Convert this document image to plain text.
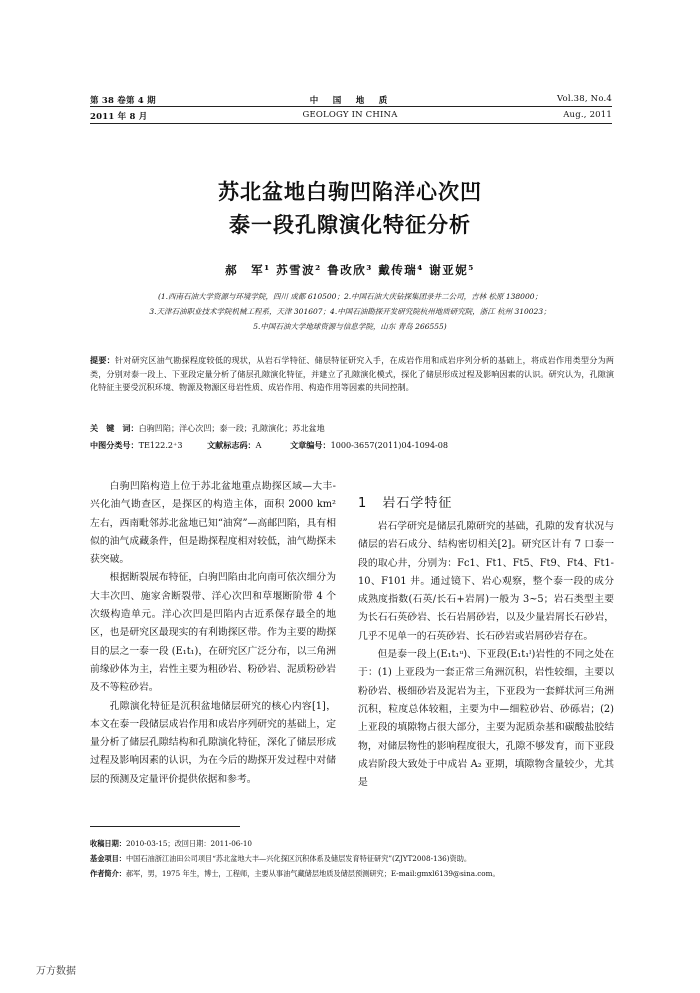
第 38 卷第 4 期
2011 年 8 月
中　国　地　质
GEOLOGY IN CHINA
Vol.38, No.4
Aug., 2011
苏北盆地白驹凹陷洋心次凹
泰一段孔隙演化特征分析
郝　军¹ 苏雪波² 鲁改欣³ 戴传瑞⁴ 谢亚妮⁵
(1.西南石油大学资源与环境学院，四川 成都 610500；2.中国石油大庆钻探集团录井二公司，吉林 松原 138000；
3.天津石油职业技术学院机械工程系，天津 301607；4.中国石油勘探开发研究院杭州地质研究院，浙江 杭州 310023；
5.中国石油大学地球资源与信息学院，山东 青岛 266555)
提要：针对研究区油气勘探程度较低的现状，从岩石学特征、储层特征研究入手，在成岩作用和成岩序列分析的基础上，将成岩作用类型分为两类，分别对泰一段上、下亚段定量分析了储层孔隙演化特征，并建立了孔隙演化模式，探化了储层形成过程及影响因素的认识。研究认为，孔隙演化特征主要受沉积环境、物源及物源区母岩性质、成岩作用、构造作用等因素的共同控制。
关　键　词：白驹凹陷；洋心次凹；泰一段；孔隙演化；苏北盆地
中图分类号：TE122.2⁺3	文献标志码：A	文章编号：1000-3657(2011)04-1094-08

白驹凹陷构造上位于苏北盆地重点勘探区域—大丰-兴化油气勘查区，是探区的构造主体，面积 2000 km² 左右，西南毗邻苏北盆地已知“油窝”—高邮凹陷，具有相似的油气成藏条件，但是勘探程度相对较低，油气勘探未获突破。

根据断裂展布特征，白驹凹陷由北向南可依次细分为大丰次凹、施家舍断裂带、洋心次凹和草堰断阶带 4 个次级构造单元。洋心次凹是凹陷内古近系保存最全的地区，也是研究区最现实的有利勘探区带。作为主要的勘探目的层之一泰一段 (E₁t₁)，在研究区广泛分布，以三角洲前缘砂体为主，岩性主要为粗砂岩、粉砂岩、泥质粉砂岩及不等粒砂岩。

孔隙演化特征是沉积盆地储层研究的核心内容[1]，本文在泰一段储层成岩作用和成岩序列研究的基础上，定量分析了储层孔隙结构和孔隙演化特征，深化了储层形成过程及影响因素的认识，为在今后的勘探开发过程中对储层的预测及定量评价提供依据和参考。

1 岩石学特征

岩石学研究是储层孔隙研究的基础，孔隙的发育状况与储层的岩石成分、结构密切相关[2]。研究区计有 7 口泰一段的取心井，分别为：Fc1、Ft1、Ft5、Ft9、Ft4、Ft1-10、F101 井。通过镜下、岩心观察，整个泰一段的成分成熟度指数(石英/长石+岩屑)一般为 3~5；岩石类型主要为长石石英砂岩、长石岩屑砂岩，以及少量岩屑长石砂岩，几乎不见单一的石英砂岩、长石砂岩或岩屑砂岩存在。

但是泰一段上(E₁t₁ᵘ)、下亚段(E₁t₁ˡ)岩性的不同之处在于：(1) 上亚段为一套正常三角洲沉积，岩性较细，主要以粉砂岩、极细砂岩及泥岩为主，下亚段为一套鲜状河三角洲沉积，粒度总体较粗，主要为中—细粒砂岩、砂砾岩；(2)上亚段的填隙物占很大部分，主要为泥质杂基和碳酸盐胶结物，对储层物性的影响程度很大，孔隙不够发育，而下亚段成岩阶段大致处于中成岩 A₂ 亚期，填隙物含量较少，尤其是

收稿日期：2010-03-15；改回日期：2011-06-10
基金项目：中国石油浙江油田公司项目“苏北盆地大丰—兴化探区沉积体系及储层发育特征研究”(ZJYT2008-136)资助。
作者简介：郝军，男，1975 年生，博士，工程师，主要从事油气藏储层地质及储层预测研究；E-mail:gmxl6139@sina.com。
万方数据
